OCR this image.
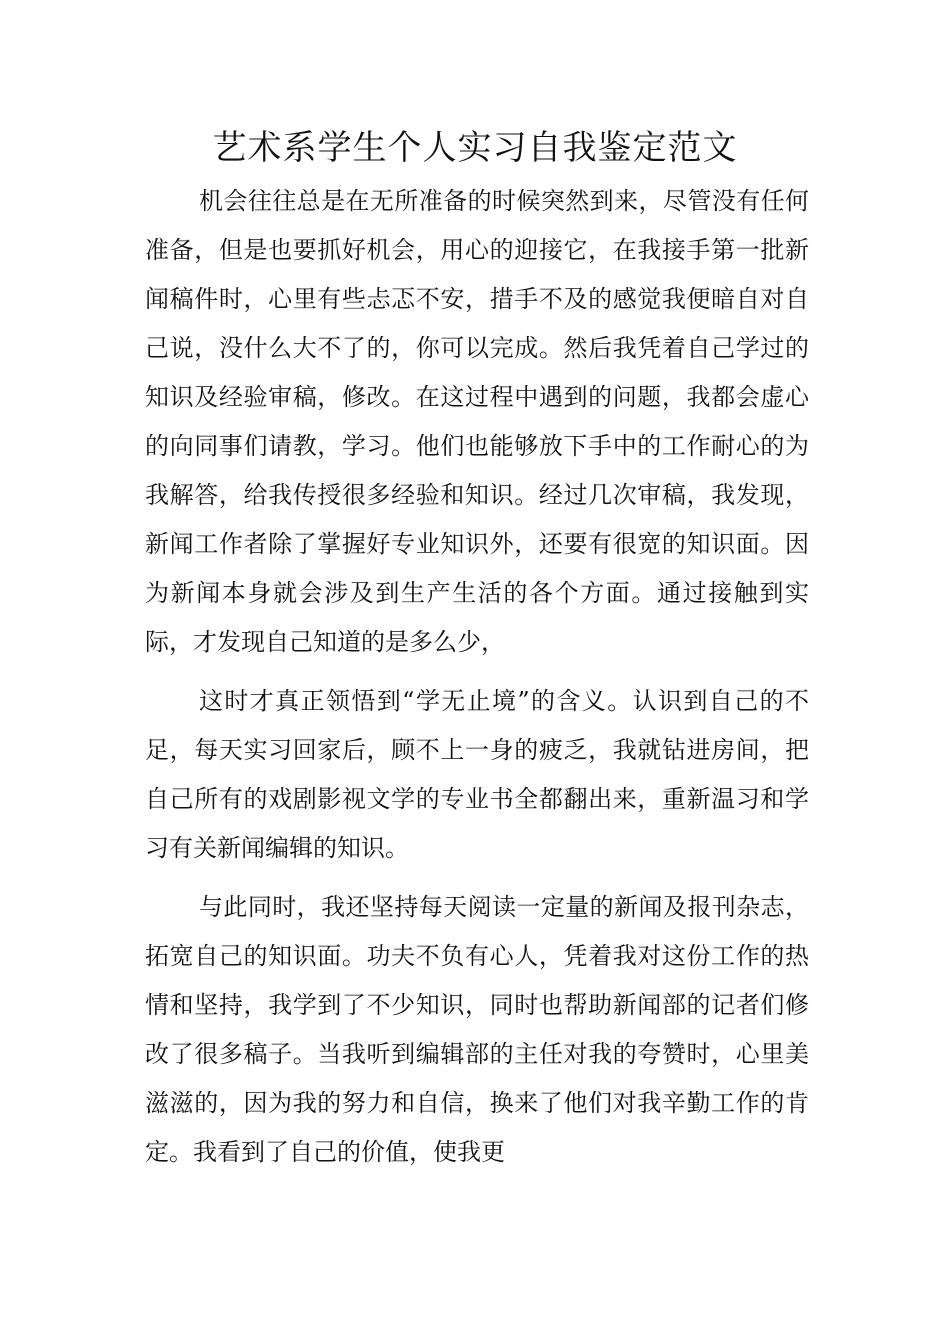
艺术系学生个人实习自我鉴定范文

机会往往总是在无所准备的时候突然到来，尽管没有任何准备，但是也要抓好机会，用心的迎接它，在我接手第一批新闻稿件时，心里有些忐忑不安，措手不及的感觉我便暗自对自己说，没什么大不了的，你可以完成。然后我凭着自己学过的知识及经验审稿，修改。在这过程中遇到的问题，我都会虚心的向同事们请教，学习。他们也能够放下手中的工作耐心的为我解答，给我传授很多经验和知识。经过几次审稿，我发现，新闻工作者除了掌握好专业知识外，还要有很宽的知识面。因为新闻本身就会涉及到生产生活的各个方面。通过接触到实际，才发现自己知道的是多么少，

这时才真正领悟到“学无止境”的含义。认识到自己的不足，每天实习回家后，顾不上一身的疲乏，我就钻进房间，把自己所有的戏剧影视文学的专业书全都翻出来，重新温习和学习有关新闻编辑的知识。

与此同时，我还坚持每天阅读一定量的新闻及报刊杂志，拓宽自己的知识面。功夫不负有心人，凭着我对这份工作的热情和坚持，我学到了不少知识，同时也帮助新闻部的记者们修改了很多稿子。当我听到编辑部的主任对我的夸赞时，心里美滋滋的，因为我的努力和自信，换来了他们对我辛勤工作的肯定。我看到了自己的价值，使我更
